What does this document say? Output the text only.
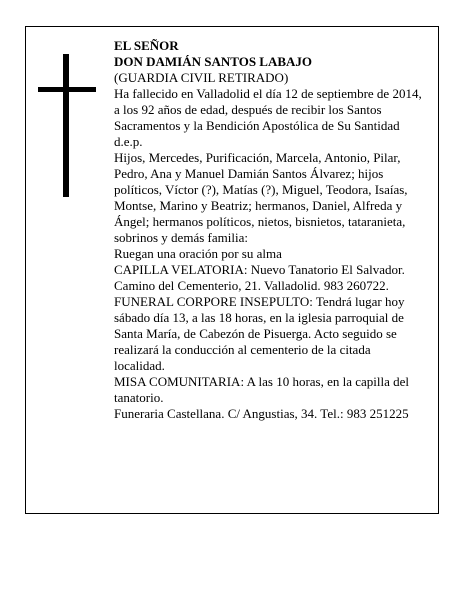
EL SEÑOR

DON DAMIÁN SANTOS LABAJO

(GUARDIA CIVIL RETIRADO)

Ha fallecido en Valladolid el día 12 de septiembre de 2014, a los 92 años de edad, después de recibir los Santos Sacramentos y la Bendición Apostólica de Su Santidad

d.e.p.

Hijos, Mercedes, Purificación, Marcela, Antonio, Pilar, Pedro, Ana y Manuel Damián Santos Álvarez; hijos políticos, Víctor (?), Matías (?), Miguel, Teodora, Isaías, Montse, Marino y Beatriz; hermanos, Daniel, Alfreda y Ángel; hermanos políticos, nietos, bisnietos, tataranieta, sobrinos y demás familia:

Ruegan una oración por su alma

CAPILLA VELATORIA: Nuevo Tanatorio El Salvador. Camino del Cementerio, 21. Valladolid. 983 260722.

FUNERAL CORPORE INSEPULTO: Tendrá lugar hoy sábado día 13, a las 18 horas, en la iglesia parroquial de Santa María, de Cabezón de Pisuerga. Acto seguido se realizará la conducción al cementerio de la citada localidad.

MISA COMUNITARIA: A las 10 horas, en la capilla del tanatorio.

Funeraria Castellana. C/ Angustias, 34. Tel.: 983 251225
